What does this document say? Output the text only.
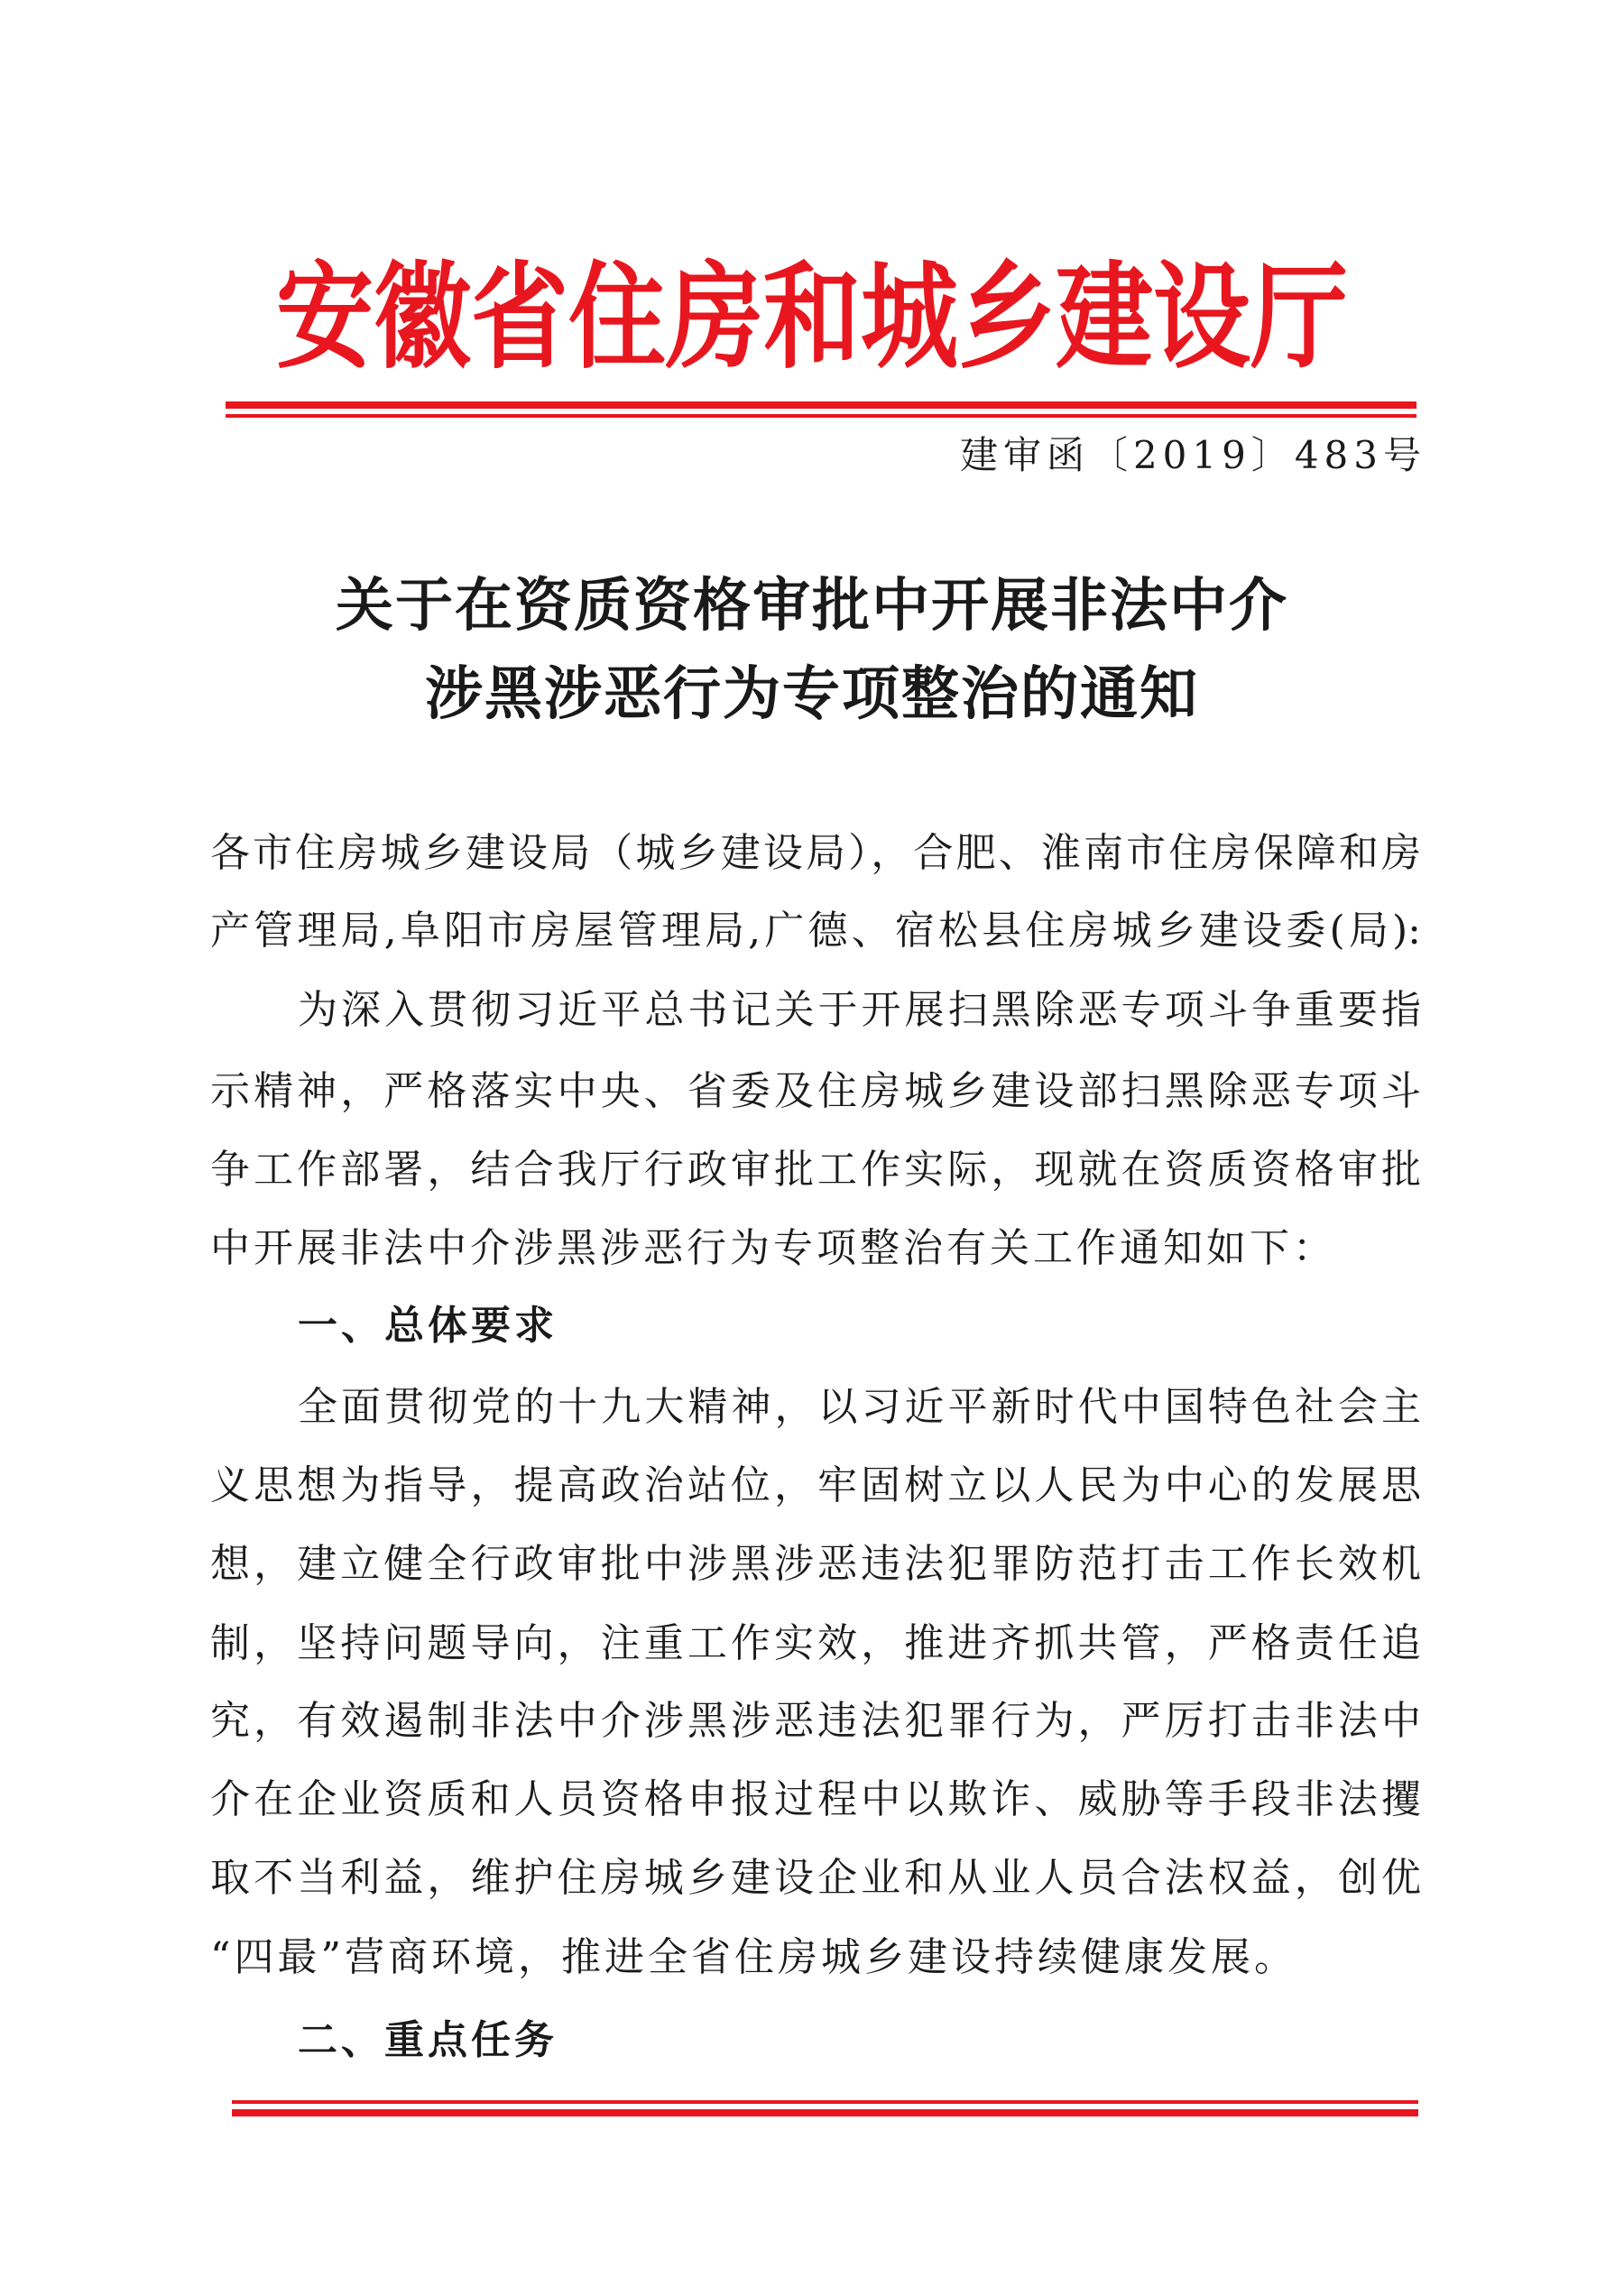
安徽省住房和城乡建设厅
建审函〔2019〕483号
关于在资质资格审批中开展非法中介
涉黑涉恶行为专项整治的通知
各市住房城乡建设局（城乡建设局），合肥、淮南市住房保障和房
产管理局,阜阳市房屋管理局,广德、宿松县住房城乡建设委(局):
为深入贯彻习近平总书记关于开展扫黑除恶专项斗争重要指
示精神，严格落实中央、省委及住房城乡建设部扫黑除恶专项斗
争工作部署，结合我厅行政审批工作实际，现就在资质资格审批
中开展非法中介涉黑涉恶行为专项整治有关工作通知如下：
一、总体要求
全面贯彻党的十九大精神，以习近平新时代中国特色社会主
义思想为指导，提高政治站位，牢固树立以人民为中心的发展思
想，建立健全行政审批中涉黑涉恶违法犯罪防范打击工作长效机
制，坚持问题导向，注重工作实效，推进齐抓共管，严格责任追
究，有效遏制非法中介涉黑涉恶违法犯罪行为，严厉打击非法中
介在企业资质和人员资格申报过程中以欺诈、威胁等手段非法攫
取不当利益，维护住房城乡建设企业和从业人员合法权益，创优
“四最”营商环境，推进全省住房城乡建设持续健康发展。
二、重点任务
